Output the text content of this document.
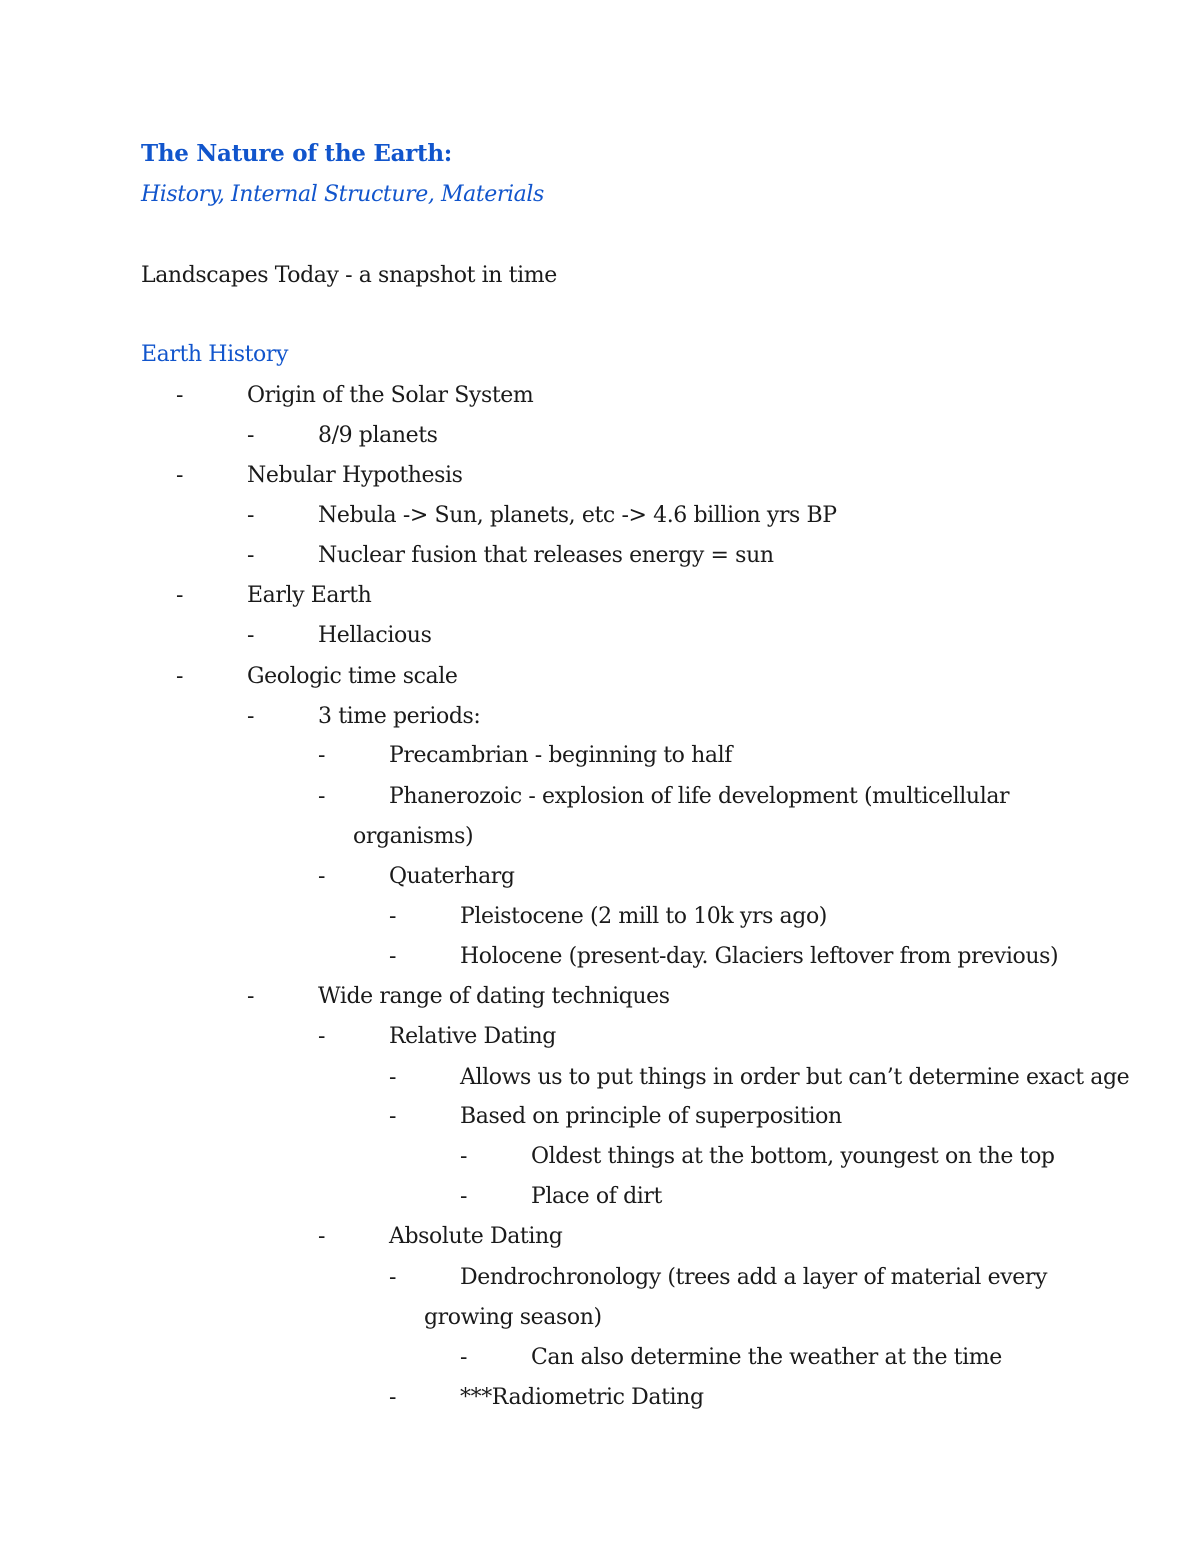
The Nature of the Earth:
History, Internal Structure, Materials
Landscapes Today - a snapshot in time
Earth History
-	Origin of the Solar System
-	8/9 planets
-	Nebular Hypothesis
-	Nebula -> Sun, planets, etc -> 4.6 billion yrs BP
-	Nuclear fusion that releases energy = sun
-	Early Earth
-	Hellacious
-	Geologic time scale
-	3 time periods:
-	Precambrian - beginning to half
-	Phanerozoic - explosion of life development (multicellular
organisms)
-	Quaterharg
-	Pleistocene (2 mill to 10k yrs ago)
-	Holocene (present-day. Glaciers leftover from previous)
-	Wide range of dating techniques
-	Relative Dating
-	Allows us to put things in order but can’t determine exact age
-	Based on principle of superposition
-	Oldest things at the bottom, youngest on the top
-	Place of dirt
-	Absolute Dating
-	Dendrochronology (trees add a layer of material every
growing season)
-	Can also determine the weather at the time
-	***Radiometric Dating
